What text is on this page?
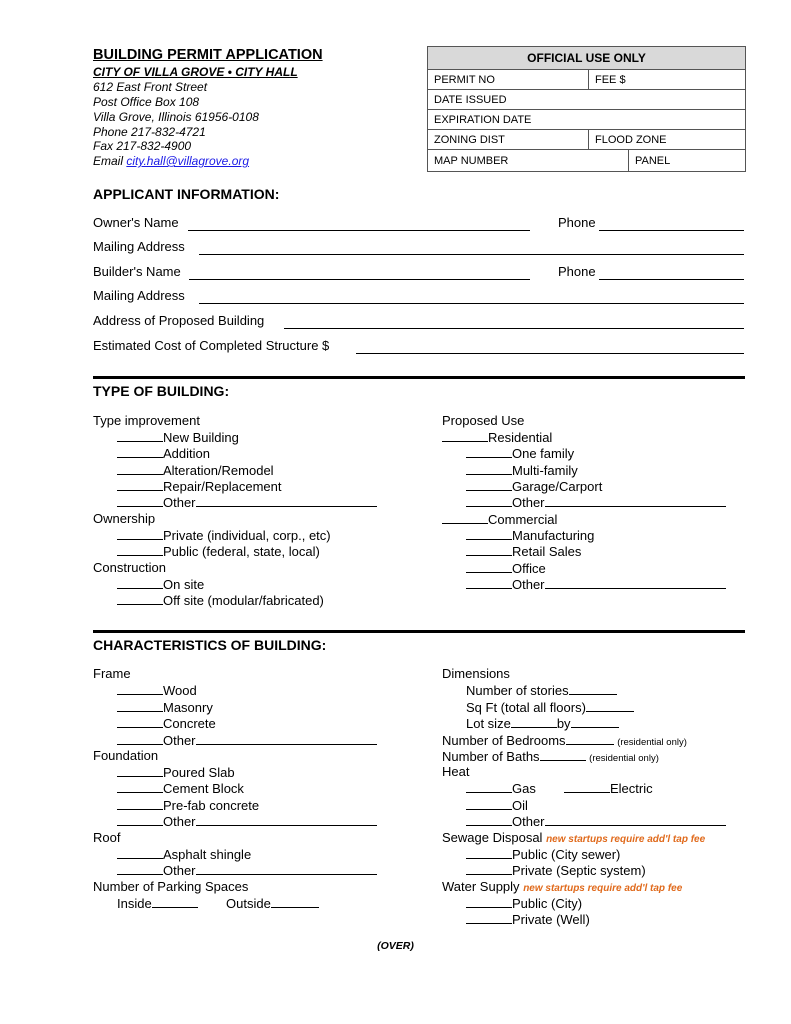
BUILDING PERMIT APPLICATION
CITY OF VILLA GROVE • CITY HALL
612 East Front Street
Post Office Box 108
Villa Grove, Illinois 61956-0108
Phone 217-832-4721
Fax 217-832-4900
Email city.hall@villagrove.org
OFFICIAL USE ONLY
PERMIT NO	FEE $
DATE ISSUED
EXPIRATION DATE
ZONING DIST	FLOOD ZONE
MAP NUMBER	PANEL
APPLICANT INFORMATION:
Owner's Name	Phone
Mailing Address
Builder's Name	Phone
Mailing Address
Address of Proposed Building
Estimated Cost of Completed Structure $
TYPE OF BUILDING:
Type improvement
New Building
Addition
Alteration/Remodel
Repair/Replacement
Other
Ownership
Private (individual, corp., etc)
Public (federal, state, local)
Construction
On site
Off site (modular/fabricated)
Proposed Use
Residential
One family
Multi-family
Garage/Carport
Other
Commercial
Manufacturing
Retail Sales
Office
Other
CHARACTERISTICS OF BUILDING:
Frame
Wood
Masonry
Concrete
Other
Foundation
Poured Slab
Cement Block
Pre-fab concrete
Other
Roof
Asphalt shingle
Other
Number of Parking Spaces
Inside	Outside
Dimensions
Number of stories
Sq Ft (total all floors)
Lot size	by
Number of Bedrooms	(residential only)
Number of Baths	(residential only)
Heat
Gas	Electric
Oil
Other
Sewage Disposal new startups require add'l tap fee
Public (City sewer)
Private (Septic system)
Water Supply new startups require add'l tap fee
Public (City)
Private (Well)
(OVER)
